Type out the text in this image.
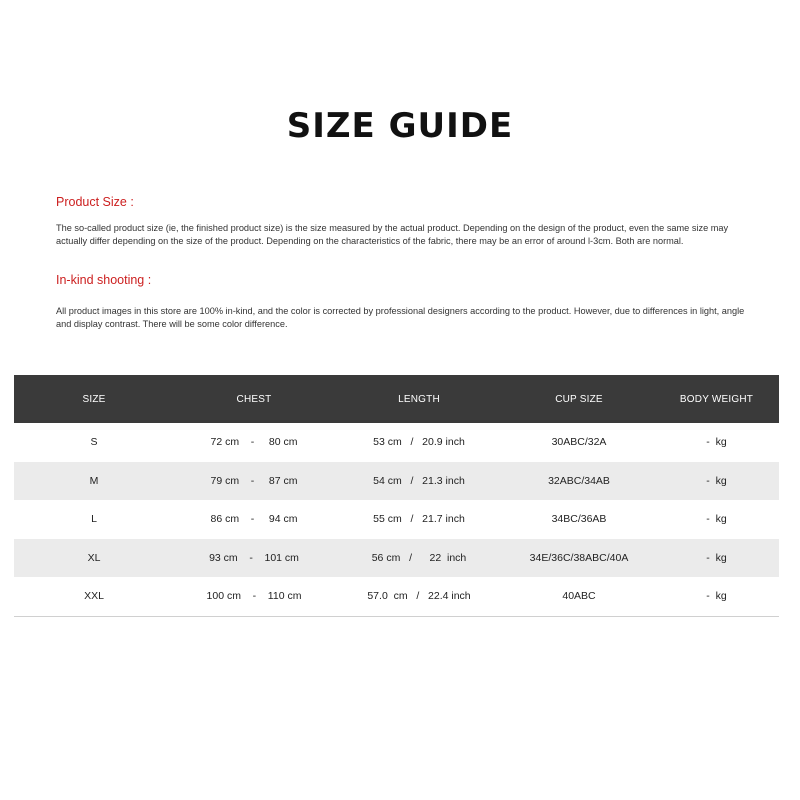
SIZE GUIDE
Product Size :

The so-called product size (ie, the finished product size) is the size measured by the actual product. Depending on the design of the product, even the same size may actually differ depending on the size of the product. Depending on the characteristics of the fabric, there may be an error of around l-3cm. Both are normal.

In-kind shooting :

All product images in this store are 100% in-kind, and the color is corrected by professional designers according to the product. However, due to differences in light, angle and display contrast. There will be some color difference.

SIZE	CHEST	LENGTH	CUP SIZE	BODY WEIGHT
S	72 cm    -     80 cm	53 cm   /   20.9 inch	30ABC/32A	-  kg
M	79 cm    -     87 cm	54 cm   /   21.3 inch	32ABC/34AB	-  kg
L	86 cm    -     94 cm	55 cm   /   21.7 inch	34BC/36AB	-  kg
XL	93 cm    -    101 cm	56 cm   /      22  inch	34E/36C/38ABC/40A	-  kg
XXL	100 cm    -    110 cm	57.0  cm   /   22.4 inch	40ABC	-  kg
